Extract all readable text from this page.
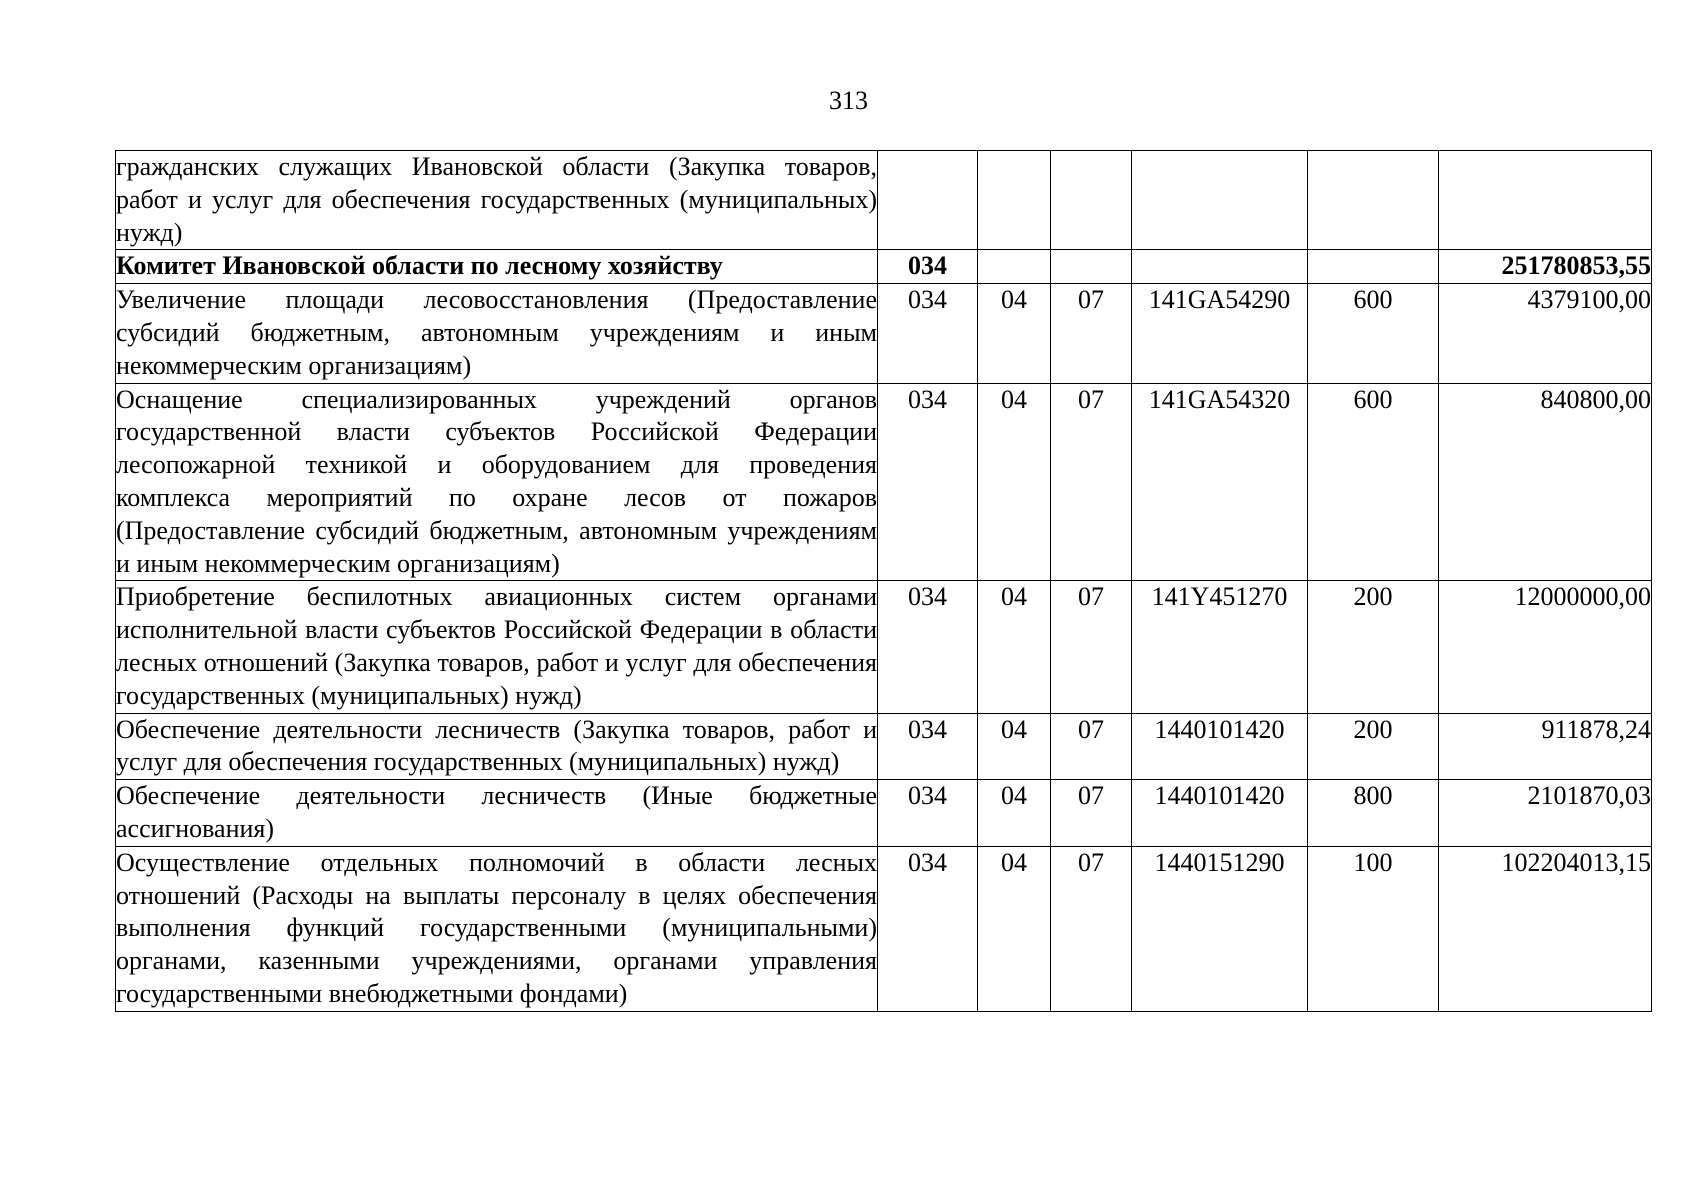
313
гражданских служащих Ивановской области (Закупка товаров, работ и услуг для обеспечения государственных (муниципальных) нужд)						
Комитет Ивановской области по лесному хозяйству	034					251780853,55
Увеличение площади лесовосстановления (Предоставление субсидий бюджетным, автономным учреждениям и иным некоммерческим организациям)	034	04	07	141GA54290	600	4379100,00
Оснащение специализированных учреждений органов государственной власти субъектов Российской Федерации лесопожарной техникой и оборудованием для проведения комплекса мероприятий по охране лесов от пожаров (Предоставление субсидий бюджетным, автономным учреждениям и иным некоммерческим организациям)	034	04	07	141GA54320	600	840800,00
Приобретение беспилотных авиационных систем органами исполнительной власти субъектов Российской Федерации в области лесных отношений (Закупка товаров, работ и услуг для обеспечения государственных (муниципальных) нужд)	034	04	07	141Y451270	200	12000000,00
Обеспечение деятельности лесничеств (Закупка товаров, работ и услуг для обеспечения государственных (муниципальных) нужд)	034	04	07	1440101420	200	911878,24
Обеспечение деятельности лесничеств (Иные бюджетные ассигнования)	034	04	07	1440101420	800	2101870,03
Осуществление отдельных полномочий в области лесных отношений (Расходы на выплаты персоналу в целях обеспечения выполнения функций государственными (муниципальными) органами, казенными учреждениями, органами управления государственными внебюджетными фондами)	034	04	07	1440151290	100	102204013,15
